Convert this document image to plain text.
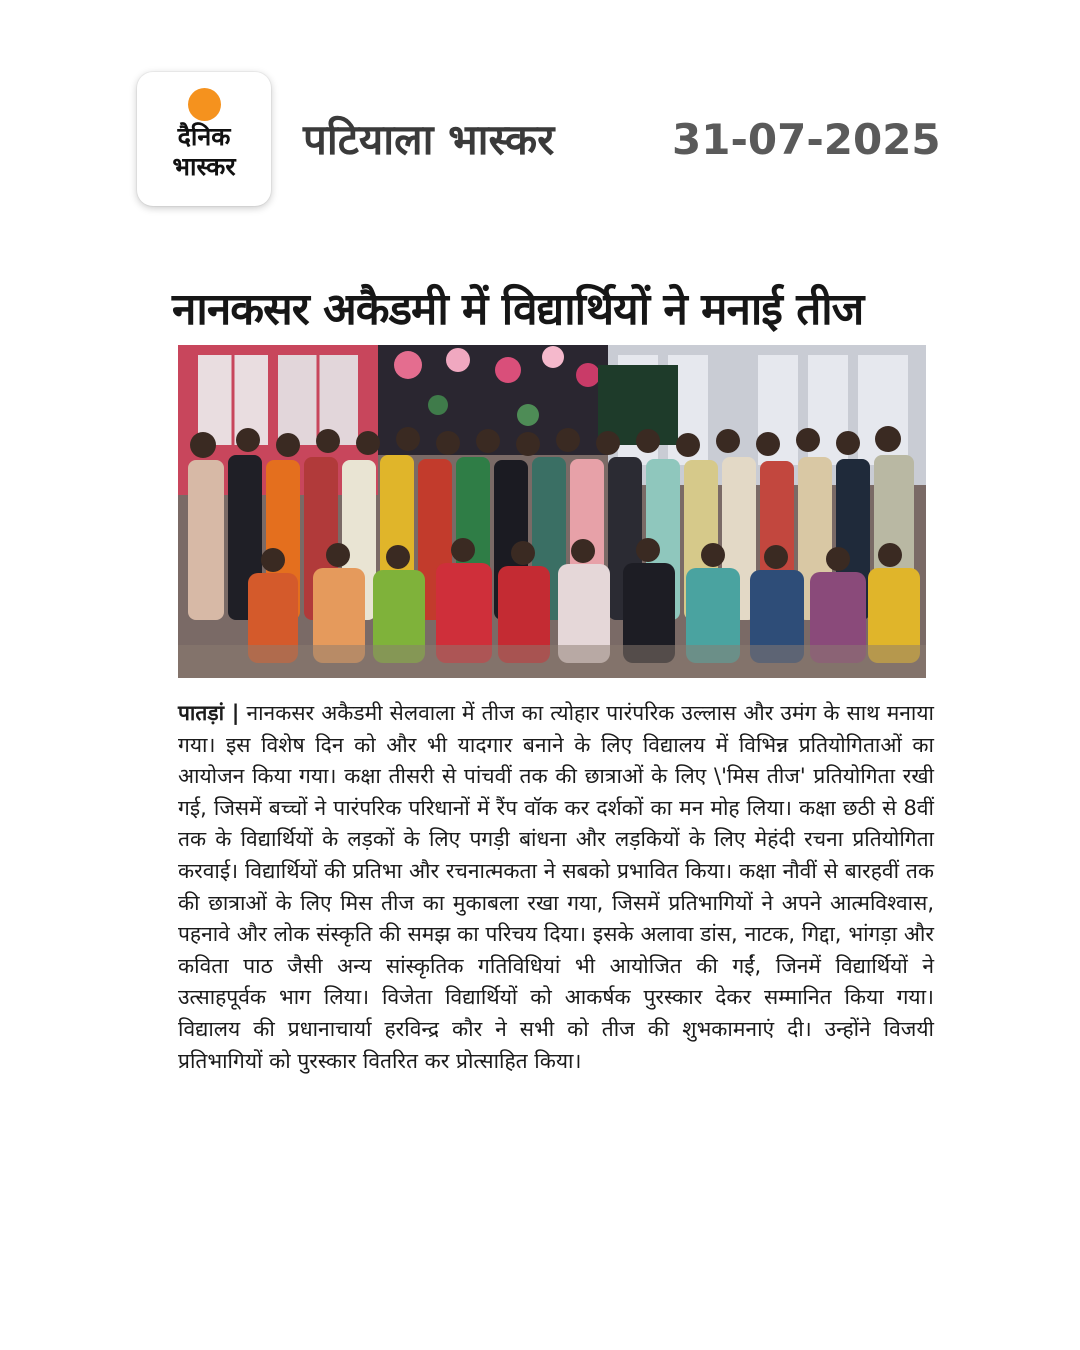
दैनिक
भास्कर
पटियाला भास्कर	31-07-2025
नानकसर अकैडमी में विद्यार्थियों ने मनाई तीज
पातड़ां | नानकसर अकैडमी सेलवाला में तीज का त्योहार पारंपरिक उल्लास और उमंग के साथ मनाया गया। इस विशेष दिन को और भी यादगार बनाने के लिए विद्यालय में विभिन्न प्रतियोगिताओं का आयोजन किया गया। कक्षा तीसरी से पांचवीं तक की छात्राओं के लिए \'मिस तीज' प्रतियोगिता रखी गई, जिसमें बच्चों ने पारंपरिक परिधानों में रैंप वॉक कर दर्शकों का मन मोह लिया। कक्षा छठी से 8वीं तक के विद्यार्थियों के लड़कों के लिए पगड़ी बांधना और लड़कियों के लिए मेहंदी रचना प्रतियोगिता करवाई। विद्यार्थियों की प्रतिभा और रचनात्मकता ने सबको प्रभावित किया। कक्षा नौवीं से बारहवीं तक की छात्राओं के लिए मिस तीज का मुकाबला रखा गया, जिसमें प्रतिभागियों ने अपने आत्मविश्वास, पहनावे और लोक संस्कृति की समझ का परिचय दिया। इसके अलावा डांस, नाटक, गिद्दा, भांगड़ा और कविता पाठ जैसी अन्य सांस्कृतिक गतिविधियां भी आयोजित की गईं, जिनमें विद्यार्थियों ने उत्साहपूर्वक भाग लिया। विजेता विद्यार्थियों को आकर्षक पुरस्कार देकर सम्मानित किया गया। विद्यालय की प्रधानाचार्या हरविन्द्र कौर ने सभी को तीज की शुभकामनाएं दी। उन्होंने विजयी प्रतिभागियों को पुरस्कार वितरित कर प्रोत्साहित किया।
